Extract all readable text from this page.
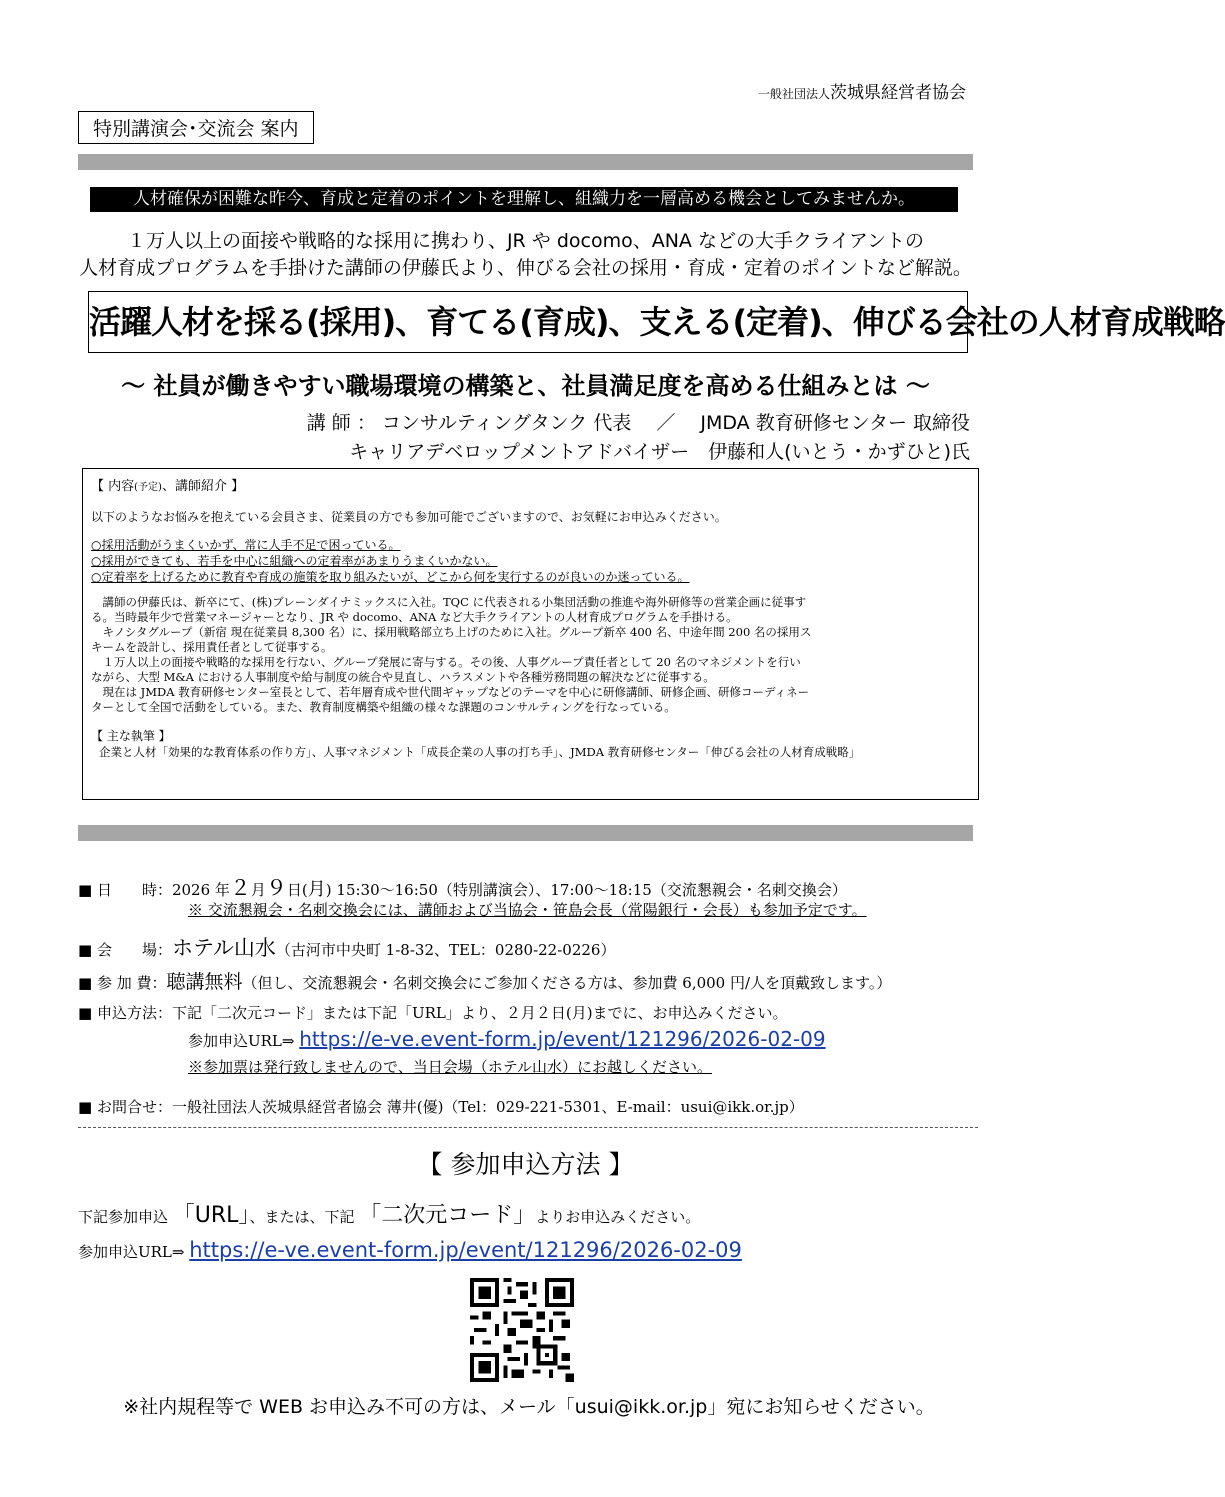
一般社団法人茨城県経営者協会
特別講演会･交流会 案内
人材確保が困難な昨今、育成と定着のポイントを理解し、組織力を一層高める機会としてみませんか。
１万人以上の面接や戦略的な採用に携わり、JR や docomo、ANA などの大手クライアントの
人材育成プログラムを手掛けた講師の伊藤氏より、伸びる会社の採用・育成・定着のポイントなど解説。
活躍人材を採る(採用)、育てる(育成)、支える(定着)、伸びる会社の人材育成戦略
～ 社員が働きやすい職場環境の構築と、社員満足度を高める仕組みとは ～
講 師 ： コンサルティングタンク 代表　 ／　 JMDA 教育研修センター 取締役
キャリアデベロップメントアドバイザー　伊藤和人(いとう・かずひと)氏

【 内容(予定)、講師紹介 】

以下のようなお悩みを抱えている会員さま、従業員の方でも参加可能でございますので、お気軽にお申込みください。

○採用活動がうまくいかず、常に人手不足で困っている。

○採用ができても、若手を中心に組織への定着率があまりうまくいかない。

○定着率を上げるために教育や育成の施策を取り組みたいが、どこから何を実行するのが良いのか迷っている。

　講師の伊藤氏は、新卒にて、(株)ブレーンダイナミックスに入社。TQC に代表される小集団活動の推進や海外研修等の営業企画に従事す
る。当時最年少で営業マネージャーとなり、JR や docomo、ANA など大手クライアントの人材育成プログラムを手掛ける。
　キノシタグループ（新宿 現在従業員 8,300 名）に、採用戦略部立ち上げのために入社。グループ新卒 400 名、中途年間 200 名の採用ス
キームを設計し、採用責任者として従事する。
　１万人以上の面接や戦略的な採用を行ない、グループ発展に寄与する。その後、人事グループ責任者として 20 名のマネジメントを行い
ながら、大型 M&A における人事制度や給与制度の統合や見直し、ハラスメントや各種労務問題の解決などに従事する。
　現在は JMDA 教育研修センター室長として、若年層育成や世代間ギャップなどのテーマを中心に研修講師、研修企画、研修コーディネー
ターとして全国で活動をしている。また、教育制度構築や組織の様々な課題のコンサルティングを行なっている。

【 主な執筆 】

企業と人材「効果的な教育体系の作り方」、人事マネジメント「成長企業の人事の打ち手」、JMDA 教育研修センター「伸びる会社の人材育成戦略」

■ 日　　時：2026 年２月９日(月) 15:30～16:50（特別講演会）、17:00～18:15（交流懇親会・名刺交換会）
※ 交流懇親会・名刺交換会には、講師および当協会・笹島会長（常陽銀行・会長）も参加予定です。
■ 会　　場：ホテル山水（古河市中央町 1-8-32、TEL：0280-22-0226）
■ 参 加 費：聴講無料（但し、交流懇親会・名刺交換会にご参加くださる方は、参加費 6,000 円/人を頂戴致します。）
■ 申込方法：下記「二次元コード」または下記「URL」より、２月２日(月)までに、お申込みください。
参加申込URL⇒ https://e-ve.event-form.jp/event/121296/2026-02-09
※参加票は発行致しませんので、当日会場（ホテル山水）にお越しください。
■ お問合せ：一般社団法人茨城県経営者協会 薄井(優)（Tel：029-221-5301、E-mail：usui@ikk.or.jp）
【 参加申込方法 】
下記参加申込 「URL」、または、下記 「二次元コード」よりお申込みください。
参加申込URL⇒ https://e-ve.event-form.jp/event/121296/2026-02-09
※社内規程等で WEB お申込み不可の方は、メール「usui@ikk.or.jp」宛にお知らせください。
